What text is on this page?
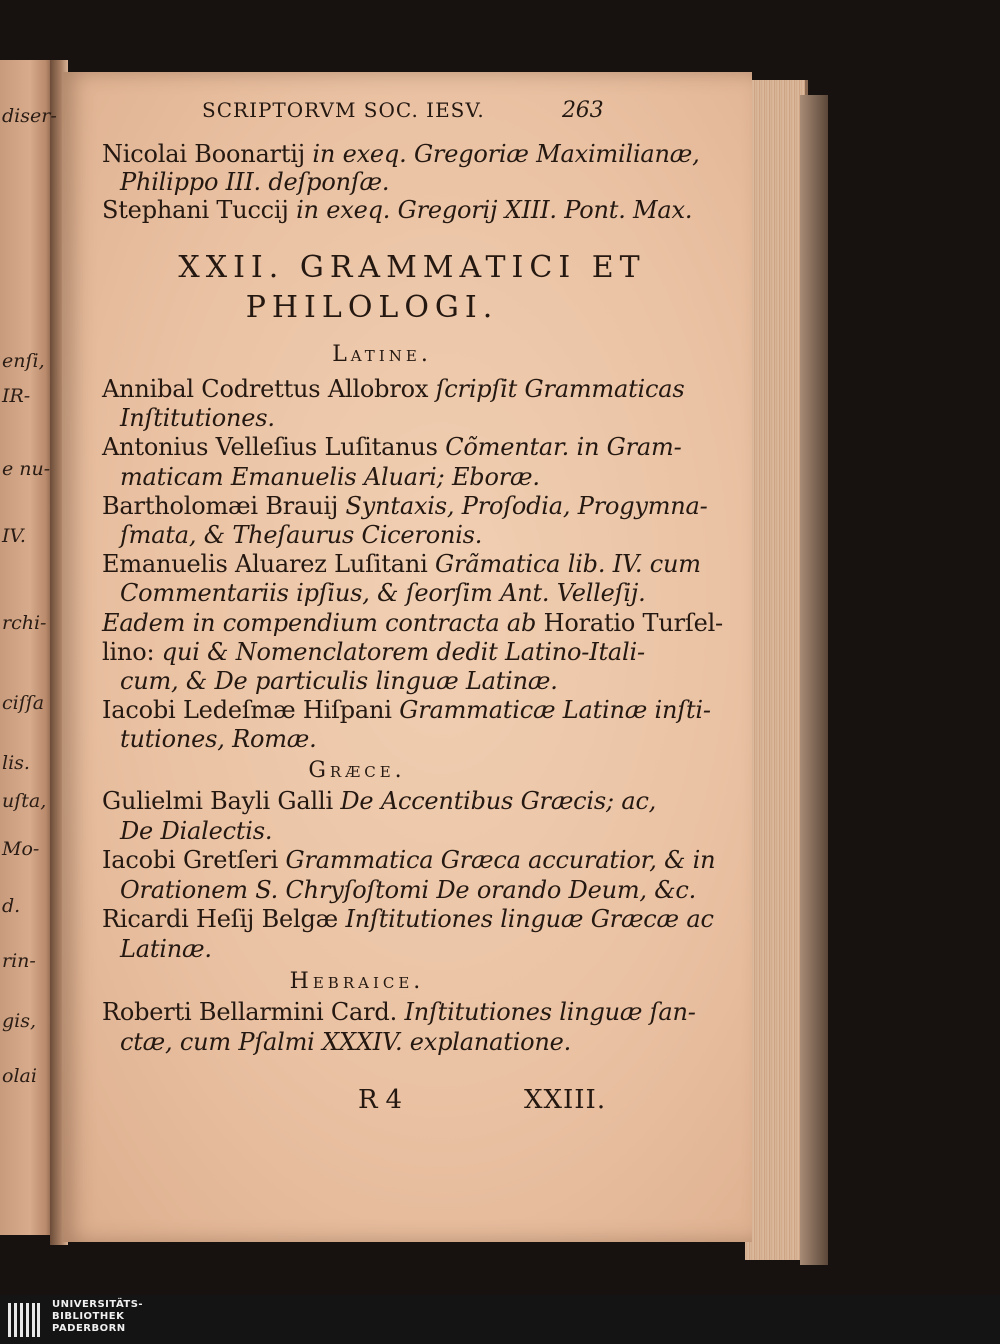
diser-
enſi,
IR-
e nu-
IV.
rchi-
ciſſa
lis.
uſta,
Mo-
d.
rin-
gis,
olai
SCRIPTORVM SOC. IESV.	263
Nicolai Boonartij in exeq. Gregoriæ Maximilianæ,
Philippo III. deſponſæ.
Stephani Tuccij in exeq. Gregorij XIII. Pont. Max.
XXII. GRAMMATICI ET
PHILOLOGI.
Latine.
Annibal Codrettus Allobrox ſcripſit Grammaticas
Inſtitutiones.
Antonius Velleſius Luſitanus Cõmentar. in Gram-
maticam Emanuelis Aluari; Eboræ.
Bartholomæi Brauij Syntaxis, Proſodia, Progymna-
ſmata, & Theſaurus Ciceronis.
Emanuelis Aluarez Luſitani Grãmatica lib. IV. cum
Commentariis ipſius, & ſeorſim Ant. Velleſij.
Eadem in compendium contracta ab Horatio Turſel-
lino: qui & Nomenclatorem dedit Latino-Itali-
cum, & De particulis linguæ Latinæ.
Iacobi Ledeſmæ Hiſpani Grammaticæ Latinæ inſti-
tutiones, Romæ.
Græce.
Gulielmi Bayli Galli De Accentibus Græcis; ac,
De Dialectis.
Iacobi Gretſeri Grammatica Græca accuratior, & in
Orationem S. Chryſoſtomi De orando Deum, &c.
Ricardi Heſij Belgæ Inſtitutiones linguæ Græcæ ac
Latinæ.
Hebraice.
Roberti Bellarmini Card. Inſtitutiones linguæ ſan-
ctæ, cum Pſalmi XXXIV. explanatione.
R 4	XXIII.
UNIVERSITÄTS-
BIBLIOTHEK
PADERBORN
